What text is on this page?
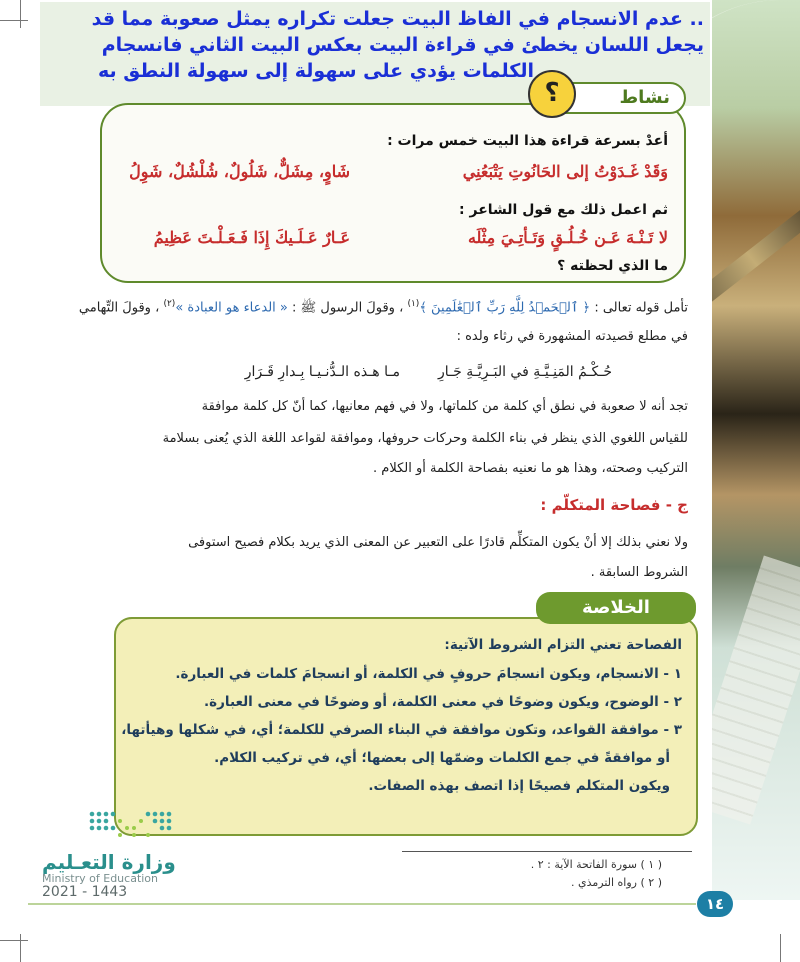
.. عدم الانسجام في الفاظ البيت جعلت تكراره يمثل صعوبة مما قد
يجعل اللسان يخطئ في قراءة البيت بعكس البيت الثاني فانسجام
الكلمات يؤدي على سهولة إلى سهولة النطق به
نشاط
؟
أعدْ بسرعة قراءة هذا البيت خمس مرات :
وَقَدْ غَـدَوْتُ إلى الحَانُوتِ يَتْبَعُنِي
شَاوٍ، مِشَلٌّ، شَلُولٌ، شُلْشُلٌ، شَوِلُ
ثم اعمل ذلك مع قول الشاعر :
لا تَـنْـهَ عَـن خُـلُـقٍ وَتَـأتِـيَ مِثْلَه
عَـارٌ عَـلَـيكَ إِذَا فَـعَـلْـتَ عَظِيمُ
ما الذي لحظته ؟
تأمل قوله تعالى : ﴿ ٱلۡحَمۡدُ لِلَّهِ رَبِّ ٱلۡعَٰلَمِينَ ﴾$^{(١)}$ ، وقولَ الرسول ﷺ : « الدعاء هو العبادة »$^{(٢)}$ ، وقولَ التِّهامي
في مطلع قصيدته المشهورة في رثاء ولده :
حُـكْـمُ المَنِـيَّـةِ في البَـرِيَّـةِ جَـارِ
مـا هـذه الـدُّنـيـا بِـدارِ قَـرَارِ
تجد أنه لا صعوبة في نطق أي كلمة من كلماتها، ولا في فهم معانيها، كما أنّ كل كلمة موافقة
للقياس اللغوي الذي ينظر في بناء الكلمة وحركات حروفها، وموافقة لقواعد اللغة الذي يُعنى بسلامة
التركيب وصحته، وهذا هو ما نعنيه بفصاحة الكلمة أو الكلام .
ج - فصاحة المتكلّم :
ولا نعني بذلك إلا أنْ يكون المتكلِّم قادرًا على التعبير عن المعنى الذي يريد بكلام فصيح استوفى
الشروط السابقة .
الخلاصة
الفصاحة تعني التزام الشروط الآتية:
١ - الانسجام، ويكون انسجامَ حروفٍ في الكلمة، أو انسجامَ كلمات في العبارة.
٢ - الوضوح، ويكون وضوحًا في معنى الكلمة، أو وضوحًا في معنى العبارة.
٣ - موافقة القواعد، وتكون موافقة في البناء الصرفي للكلمة؛ أي، في شكلها وهيأتها،
أو موافقةً في جمع الكلمات وضمّها إلى بعضها؛ أي، في تركيب الكلام.
ويكون المتكلم فصيحًا إذا اتصف بهذه الصفات.
وزارة التعـليم
Ministry of Education
2021 - 1443
( ١ ) سورة الفاتحة الآية : ٢ .
( ٢ ) رواه الترمذي .
١٤
